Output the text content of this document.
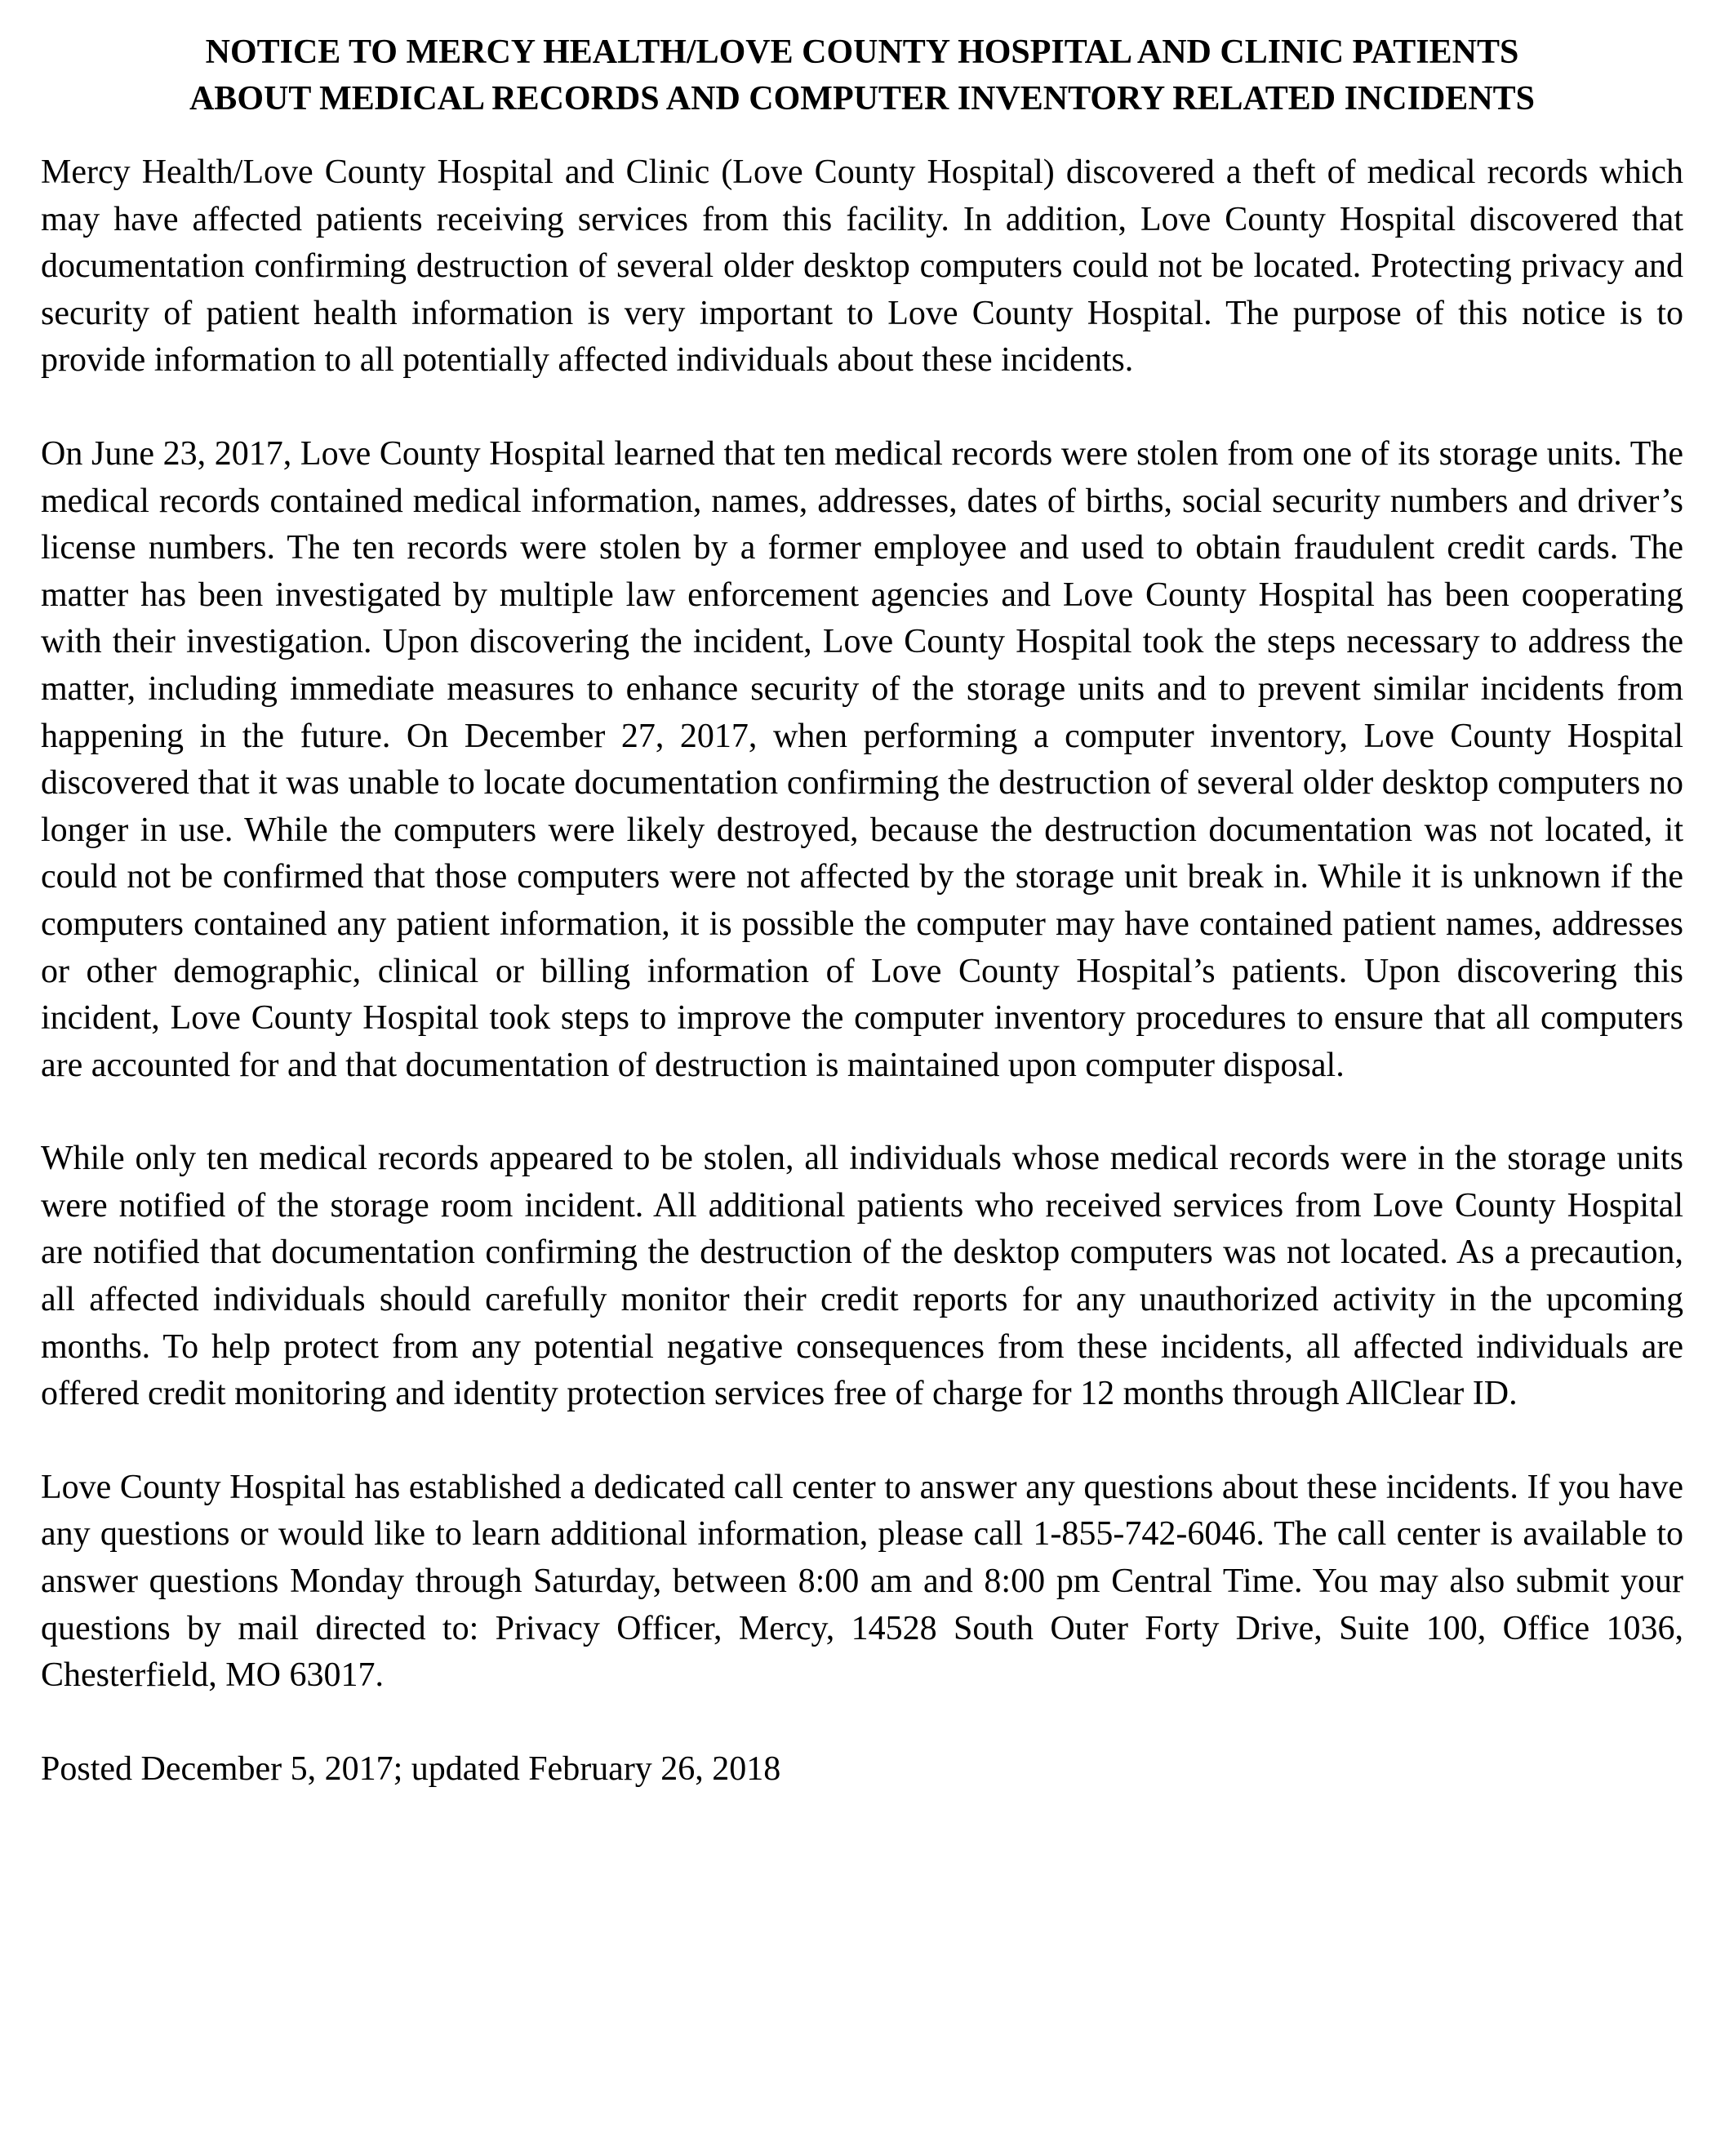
NOTICE TO MERCY HEALTH/LOVE COUNTY HOSPITAL AND CLINIC PATIENTS
ABOUT MEDICAL RECORDS AND COMPUTER INVENTORY RELATED INCIDENTS

Mercy Health/Love County Hospital and Clinic (Love County Hospital) discovered a theft of medical records which may have affected patients receiving services from this facility. In addition, Love County Hospital discovered that documentation confirming destruction of several older desktop computers could not be located. Protecting privacy and security of patient health information is very important to Love County Hospital. The purpose of this notice is to provide information to all potentially affected individuals about these incidents.

On June 23, 2017, Love County Hospital learned that ten medical records were stolen from one of its storage units. The medical records contained medical information, names, addresses, dates of births, social security numbers and driver’s license numbers. The ten records were stolen by a former employee and used to obtain fraudulent credit cards. The matter has been investigated by multiple law enforcement agencies and Love County Hospital has been cooperating with their investigation. Upon discovering the incident, Love County Hospital took the steps necessary to address the matter, including immediate measures to enhance security of the storage units and to prevent similar incidents from happening in the future. On December 27, 2017, when performing a computer inventory, Love County Hospital discovered that it was unable to locate documentation confirming the destruction of several older desktop computers no longer in use. While the computers were likely destroyed, because the destruction documentation was not located, it could not be confirmed that those computers were not affected by the storage unit break in. While it is unknown if the computers contained any patient information, it is possible the computer may have contained patient names, addresses or other demographic, clinical or billing information of Love County Hospital’s patients. Upon discovering this incident, Love County Hospital took steps to improve the computer inventory procedures to ensure that all computers are accounted for and that documentation of destruction is maintained upon computer disposal.

While only ten medical records appeared to be stolen, all individuals whose medical records were in the storage units were notified of the storage room incident. All additional patients who received services from Love County Hospital are notified that documentation confirming the destruction of the desktop computers was not located. As a precaution, all affected individuals should carefully monitor their credit reports for any unauthorized activity in the upcoming months. To help protect from any potential negative consequences from these incidents, all affected individuals are offered credit monitoring and identity protection services free of charge for 12 months through AllClear ID.

Love County Hospital has established a dedicated call center to answer any questions about these incidents. If you have any questions or would like to learn additional information, please call 1-855-742-6046. The call center is available to answer questions Monday through Saturday, between 8:00 am and 8:00 pm Central Time. You may also submit your questions by mail directed to: Privacy Officer, Mercy, 14528 South Outer Forty Drive, Suite 100, Office 1036, Chesterfield, MO 63017.

Posted December 5, 2017; updated February 26, 2018
